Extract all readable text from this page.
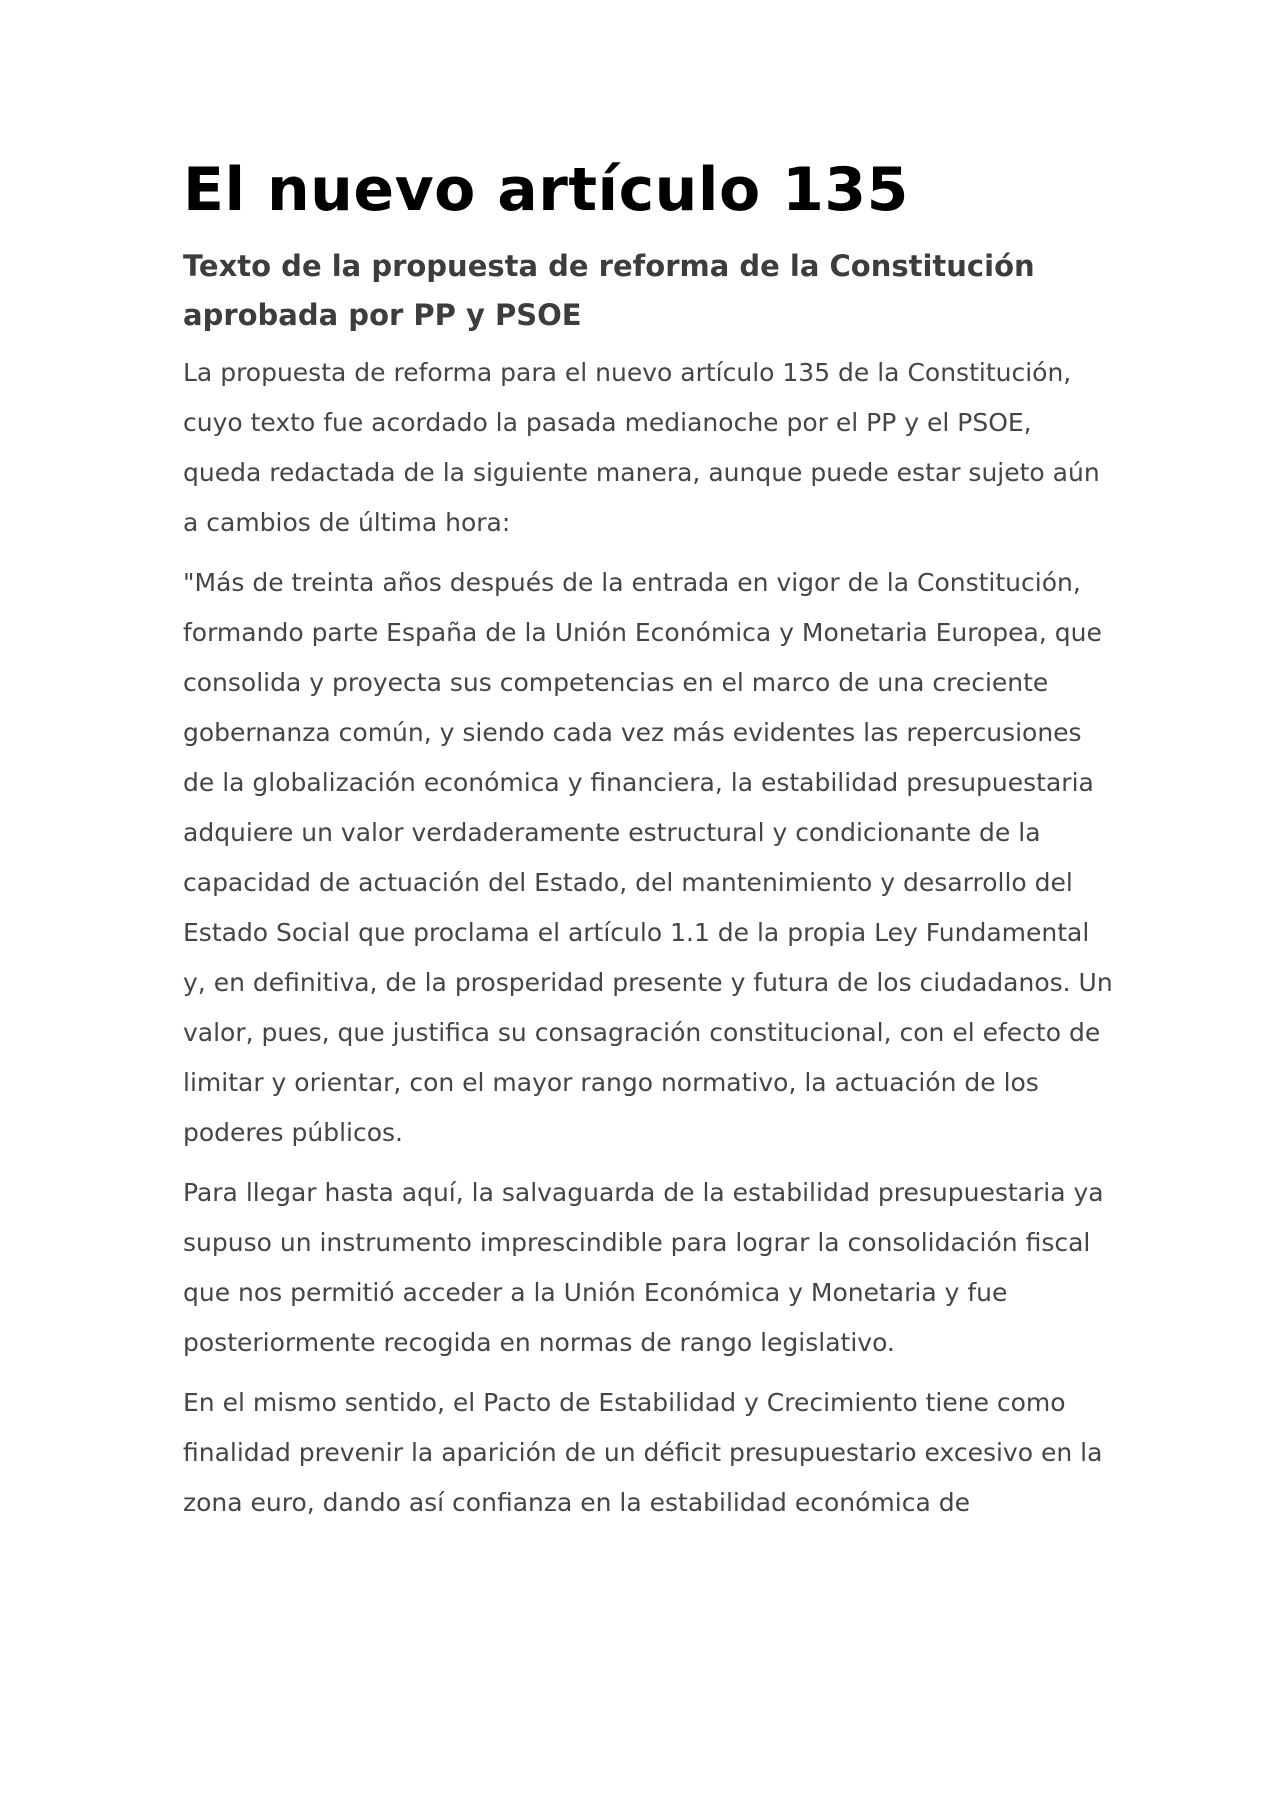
El nuevo artículo 135
Texto de la propuesta de reforma de la Constitución aprobada por PP y PSOE

La propuesta de reforma para el nuevo artículo 135 de la Constitución, cuyo texto fue acordado la pasada medianoche por el PP y el PSOE, queda redactada de la siguiente manera, aunque puede estar sujeto aún a cambios de última hora:

"Más de treinta años después de la entrada en vigor de la Constitución, formando parte España de la Unión Económica y Monetaria Europea, que consolida y proyecta sus competencias en el marco de una creciente gobernanza común, y siendo cada vez más evidentes las repercusiones de la globalización económica y financiera, la estabilidad presupuestaria adquiere un valor verdaderamente estructural y condicionante de la capacidad de actuación del Estado, del mantenimiento y desarrollo del Estado Social que proclama el artículo 1.1 de la propia Ley Fundamental y, en definitiva, de la prosperidad presente y futura de los ciudadanos. Un valor, pues, que justifica su consagración constitucional, con el efecto de limitar y orientar, con el mayor rango normativo, la actuación de los poderes públicos.

Para llegar hasta aquí, la salvaguarda de la estabilidad presupuestaria ya supuso un instrumento imprescindible para lograr la consolidación fiscal que nos permitió acceder a la Unión Económica y Monetaria y fue posteriormente recogida en normas de rango legislativo.

En el mismo sentido, el Pacto de Estabilidad y Crecimiento tiene como finalidad prevenir la aparición de un déficit presupuestario excesivo en la zona euro, dando así confianza en la estabilidad económica de
